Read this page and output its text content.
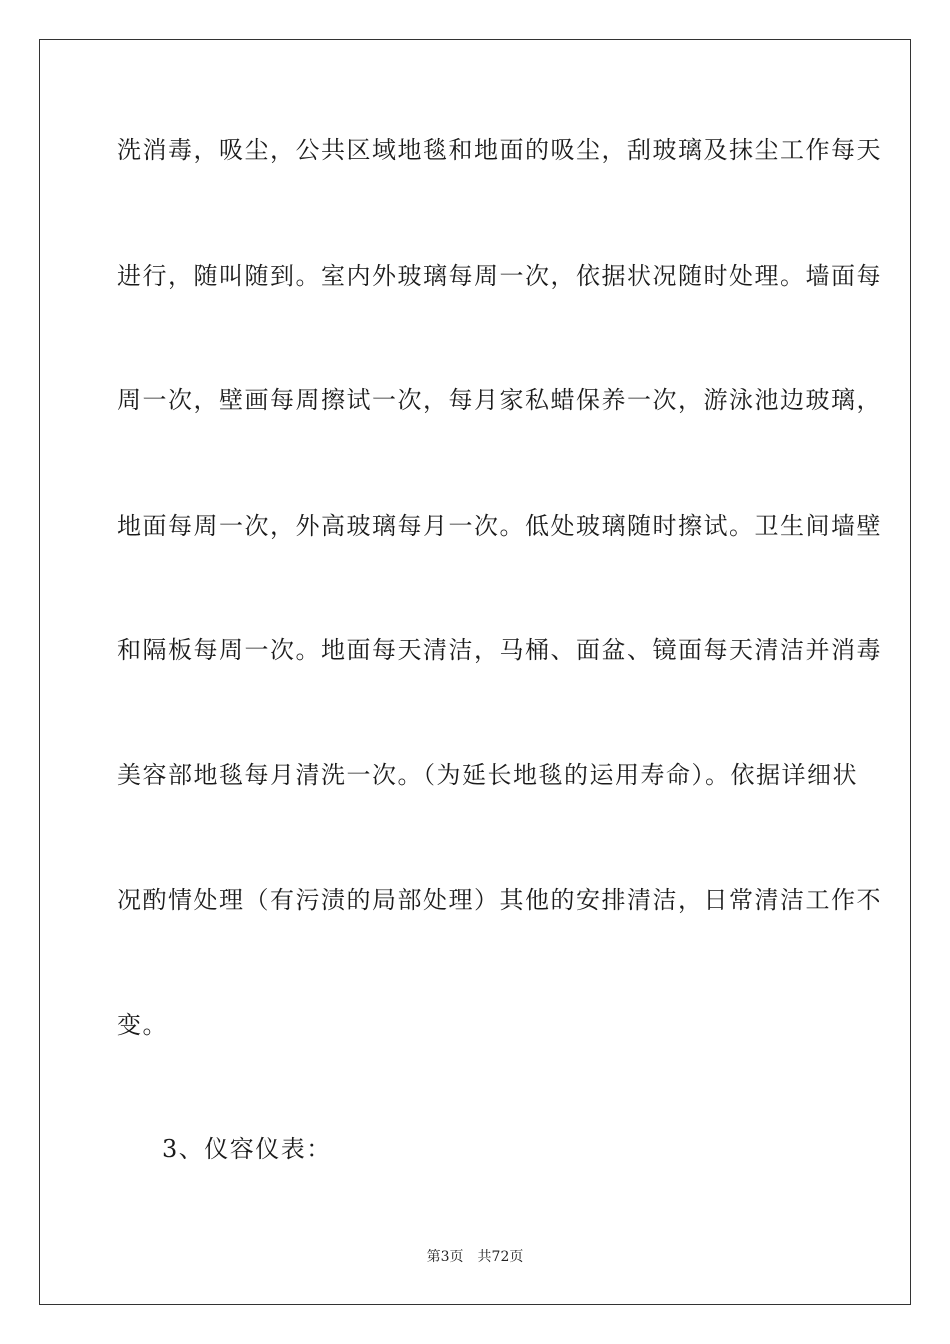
洗消毒，吸尘，公共区域地毯和地面的吸尘，刮玻璃及抹尘工作每天
进行，随叫随到。室内外玻璃每周一次，依据状况随时处理。墙面每
周一次，壁画每周擦试一次，每月家私蜡保养一次，游泳池边玻璃，
地面每周一次，外高玻璃每月一次。低处玻璃随时擦试。卫生间墙壁
和隔板每周一次。地面每天清洁，马桶、面盆、镜面每天清洁并消毒
美容部地毯每月清洗一次。（为延长地毯的运用寿命）。依据详细状
况酌情处理（有污渍的局部处理）其他的安排清洁，日常清洁工作不
变。
3、仪容仪表：
第3页 共72页
